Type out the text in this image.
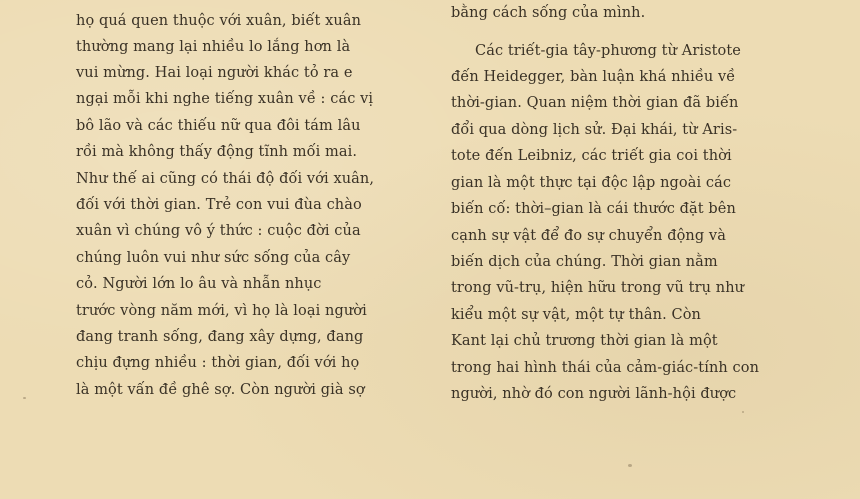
họ quá quen thuộc với xuân, biết xuân
thường mang lại nhiều lo lắng hơn là
vui mừng. Hai loại người khác tỏ ra e
ngại mỗi khi nghe tiếng xuân về : các vị
bô lão và các thiếu nữ qua đôi tám lâu
rồi mà không thấy động tĩnh mối mai.
Như thế ai cũng có thái độ đối với xuân,
đối với thời gian. Trẻ con vui đùa chào
xuân vì chúng vô ý thức : cuộc đời của
chúng luôn vui như sức sống của cây
cỏ. Người lớn lo âu và nhẫn nhục
trước vòng năm mới, vì họ là loại người
đang tranh sống, đang xây dựng, đang
chịu đựng nhiều : thời gian, đối với họ
là một vấn đề ghê sợ. Còn người già sợ
bằng cách sống của mình.
Các triết-gia tây-phương từ Aristote
đến Heidegger, bàn luận khá nhiều về
thời-gian. Quan niệm thời gian đã biến
đổi qua dòng lịch sử. Đại khái, từ Aris-
tote đến Leibniz, các triết gia coi thời
gian là một thực tại độc lập ngoài các
biến cố: thời–gian là cái thước đặt bên
cạnh sự vật để đo sự chuyển động và
biến dịch của chúng. Thời gian nằm
trong vũ-trụ, hiện hữu trong vũ trụ như
kiểu một sự vật, một tự thân. Còn
Kant lại chủ trương thời gian là một
trong hai hình thái của cảm-giác-tính con
người, nhờ đó con người lãnh-hội được
